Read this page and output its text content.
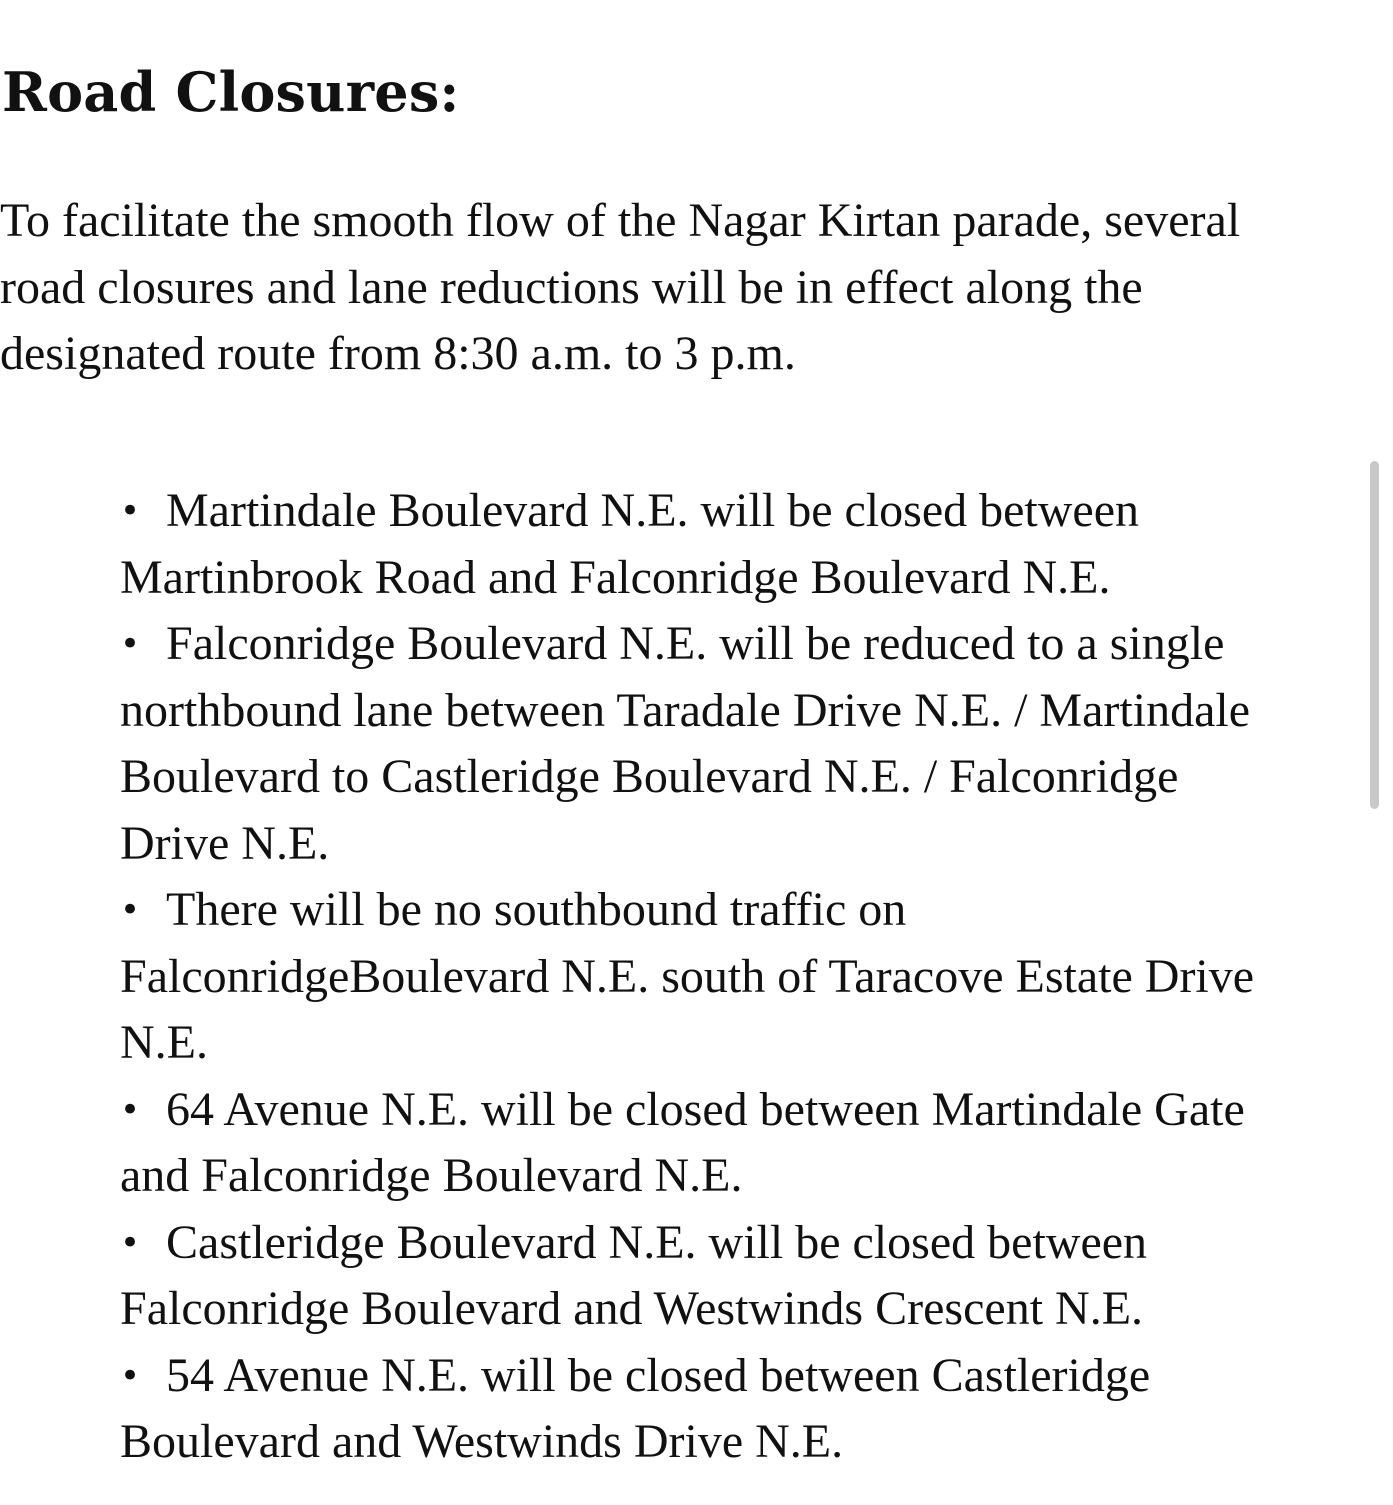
Road Closures:

To facilitate the smooth flow of the Nagar Kirtan parade, several road closures and lane reductions will be in effect along the designated route from 8:30 a.m. to 3 p.m.

• Martindale Boulevard N.E. will be closed between Martinbrook Road and Falconridge Boulevard N.E.
• Falconridge Boulevard N.E. will be reduced to a single northbound lane between Taradale Drive N.E. / Martindale Boulevard to Castleridge Boulevard N.E. / Falconridge Drive N.E.
• There will be no southbound traffic on FalconridgeBoulevard N.E. south of Taracove Estate Drive N.E.
• 64 Avenue N.E. will be closed between Martindale Gate and Falconridge Boulevard N.E.
• Castleridge Boulevard N.E. will be closed between Falconridge Boulevard and Westwinds Crescent N.E.
• 54 Avenue N.E. will be closed between Castleridge Boulevard and Westwinds Drive N.E.
